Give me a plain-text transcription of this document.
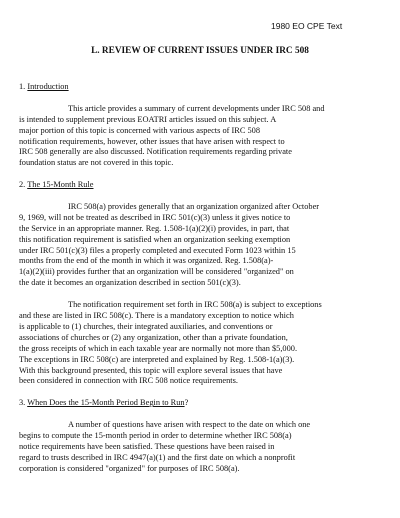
1980 EO CPE Text
L. REVIEW OF CURRENT ISSUES UNDER IRC 508
1. Introduction
This article provides a summary of current developments under IRC 508 and
is intended to supplement previous EOATRI articles issued on this subject. A
major portion of this topic is concerned with various aspects of IRC 508
notification requirements, however, other issues that have arisen with respect to
IRC 508 generally are also discussed. Notification requirements regarding private
foundation status are not covered in this topic.
2. The 15-Month Rule
IRC 508(a) provides generally that an organization organized after October
9, 1969, will not be treated as described in IRC 501(c)(3) unless it gives notice to
the Service in an appropriate manner. Reg. 1.508-1(a)(2)(i) provides, in part, that
this notification requirement is satisfied when an organization seeking exemption
under IRC 501(c)(3) files a properly completed and executed Form 1023 within 15
months from the end of the month in which it was organized. Reg. 1.508(a)-
1(a)(2)(iii) provides further that an organization will be considered "organized" on
the date it becomes an organization described in section 501(c)(3).
The notification requirement set forth in IRC 508(a) is subject to exceptions
and these are listed in IRC 508(c). There is a mandatory exception to notice which
is applicable to (1) churches, their integrated auxiliaries, and conventions or
associations of churches or (2) any organization, other than a private foundation,
the gross receipts of which in each taxable year are normally not more than $5,000.
The exceptions in IRC 508(c) are interpreted and explained by Reg. 1.508-1(a)(3).
With this background presented, this topic will explore several issues that have
been considered in connection with IRC 508 notice requirements.
3. When Does the 15-Month Period Begin to Run?
A number of questions have arisen with respect to the date on which one
begins to compute the 15-month period in order to determine whether IRC 508(a)
notice requirements have been satisfied. These questions have been raised in
regard to trusts described in IRC 4947(a)(1) and the first date on which a nonprofit
corporation is considered "organized" for purposes of IRC 508(a).
